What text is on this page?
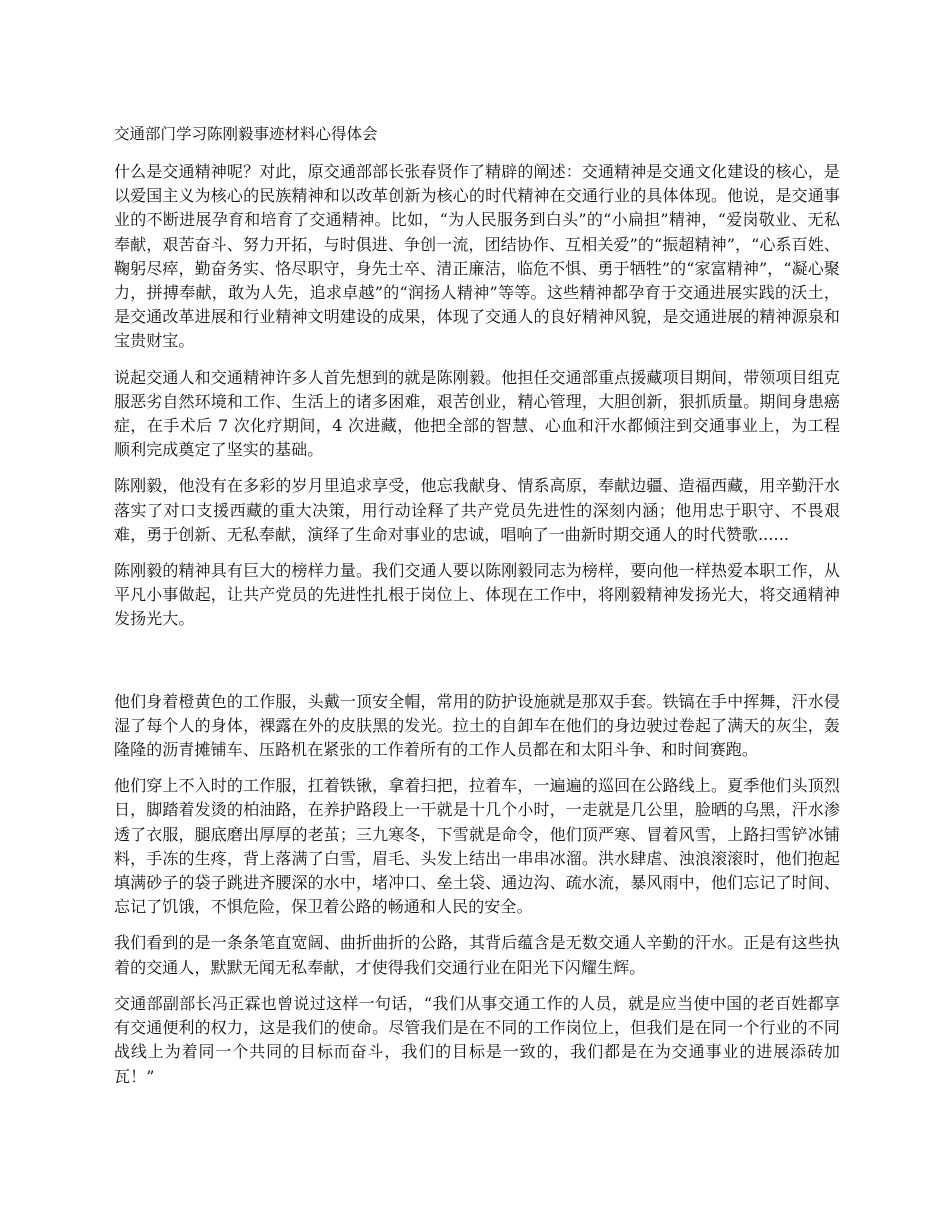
交通部门学习陈刚毅事迹材料心得体会

什么是交通精神呢？对此，原交通部部长张春贤作了精辟的阐述：交通精神是交通文化建设的核心，是以爱国主义为核心的民族精神和以改革创新为核心的时代精神在交通行业的具体体现。他说，是交通事业的不断进展孕育和培育了交通精神。比如，“为人民服务到白头”的“小扁担”精神，“爱岗敬业、无私奉献，艰苦奋斗、努力开拓，与时俱进、争创一流，团结协作、互相关爱”的“振超精神”，“心系百姓、鞠躬尽瘁，勤奋务实、恪尽职守，身先士卒、清正廉洁，临危不惧、勇于牺牲”的“家富精神”，“凝心聚力，拼搏奉献，敢为人先，追求卓越”的“润扬人精神”等等。这些精神都孕育于交通进展实践的沃土，是交通改革进展和行业精神文明建设的成果，体现了交通人的良好精神风貌，是交通进展的精神源泉和宝贵财宝。

说起交通人和交通精神许多人首先想到的就是陈刚毅。他担任交通部重点援藏项目期间，带领项目组克服恶劣自然环境和工作、生活上的诸多困难，艰苦创业，精心管理，大胆创新，狠抓质量。期间身患癌症，在手术后 7 次化疗期间，4 次进藏，他把全部的智慧、心血和汗水都倾注到交通事业上，为工程顺利完成奠定了坚实的基础。

陈刚毅，他没有在多彩的岁月里追求享受，他忘我献身、情系高原，奉献边疆、造福西藏，用辛勤汗水落实了对口支援西藏的重大决策，用行动诠释了共产党员先进性的深刻内涵；他用忠于职守、不畏艰难，勇于创新、无私奉献，演绎了生命对事业的忠诚，唱响了一曲新时期交通人的时代赞歌......

陈刚毅的精神具有巨大的榜样力量。我们交通人要以陈刚毅同志为榜样，要向他一样热爱本职工作，从平凡小事做起，让共产党员的先进性扎根于岗位上、体现在工作中，将刚毅精神发扬光大，将交通精神发扬光大。

他们身着橙黄色的工作服，头戴一顶安全帽，常用的防护设施就是那双手套。铁镐在手中挥舞，汗水侵湿了每个人的身体，裸露在外的皮肤黑的发光。拉土的自卸车在他们的身边驶过卷起了满天的灰尘，轰隆隆的沥青摊铺车、压路机在紧张的工作着所有的工作人员都在和太阳斗争、和时间赛跑。

他们穿上不入时的工作服，扛着铁锹，拿着扫把，拉着车，一遍遍的巡回在公路线上。夏季他们头顶烈日，脚踏着发烫的柏油路，在养护路段上一干就是十几个小时，一走就是几公里，脸晒的乌黑，汗水渗透了衣服，腿底磨出厚厚的老茧；三九寒冬，下雪就是命令，他们顶严寒、冒着风雪，上路扫雪铲冰铺料，手冻的生疼，背上落满了白雪，眉毛、头发上结出一串串冰溜。洪水肆虐、浊浪滚滚时，他们抱起填满砂子的袋子跳进齐腰深的水中，堵冲口、垒土袋、通边沟、疏水流，暴风雨中，他们忘记了时间、忘记了饥饿，不惧危险，保卫着公路的畅通和人民的安全。

我们看到的是一条条笔直宽阔、曲折曲折的公路，其背后蕴含是无数交通人辛勤的汗水。正是有这些执着的交通人，默默无闻无私奉献，才使得我们交通行业在阳光下闪耀生辉。

交通部副部长冯正霖也曾说过这样一句话，“我们从事交通工作的人员，就是应当使中国的老百姓都享有交通便利的权力，这是我们的使命。尽管我们是在不同的工作岗位上，但我们是在同一个行业的不同战线上为着同一个共同的目标而奋斗，我们的目标是一致的，我们都是在为交通事业的进展添砖加瓦！”
